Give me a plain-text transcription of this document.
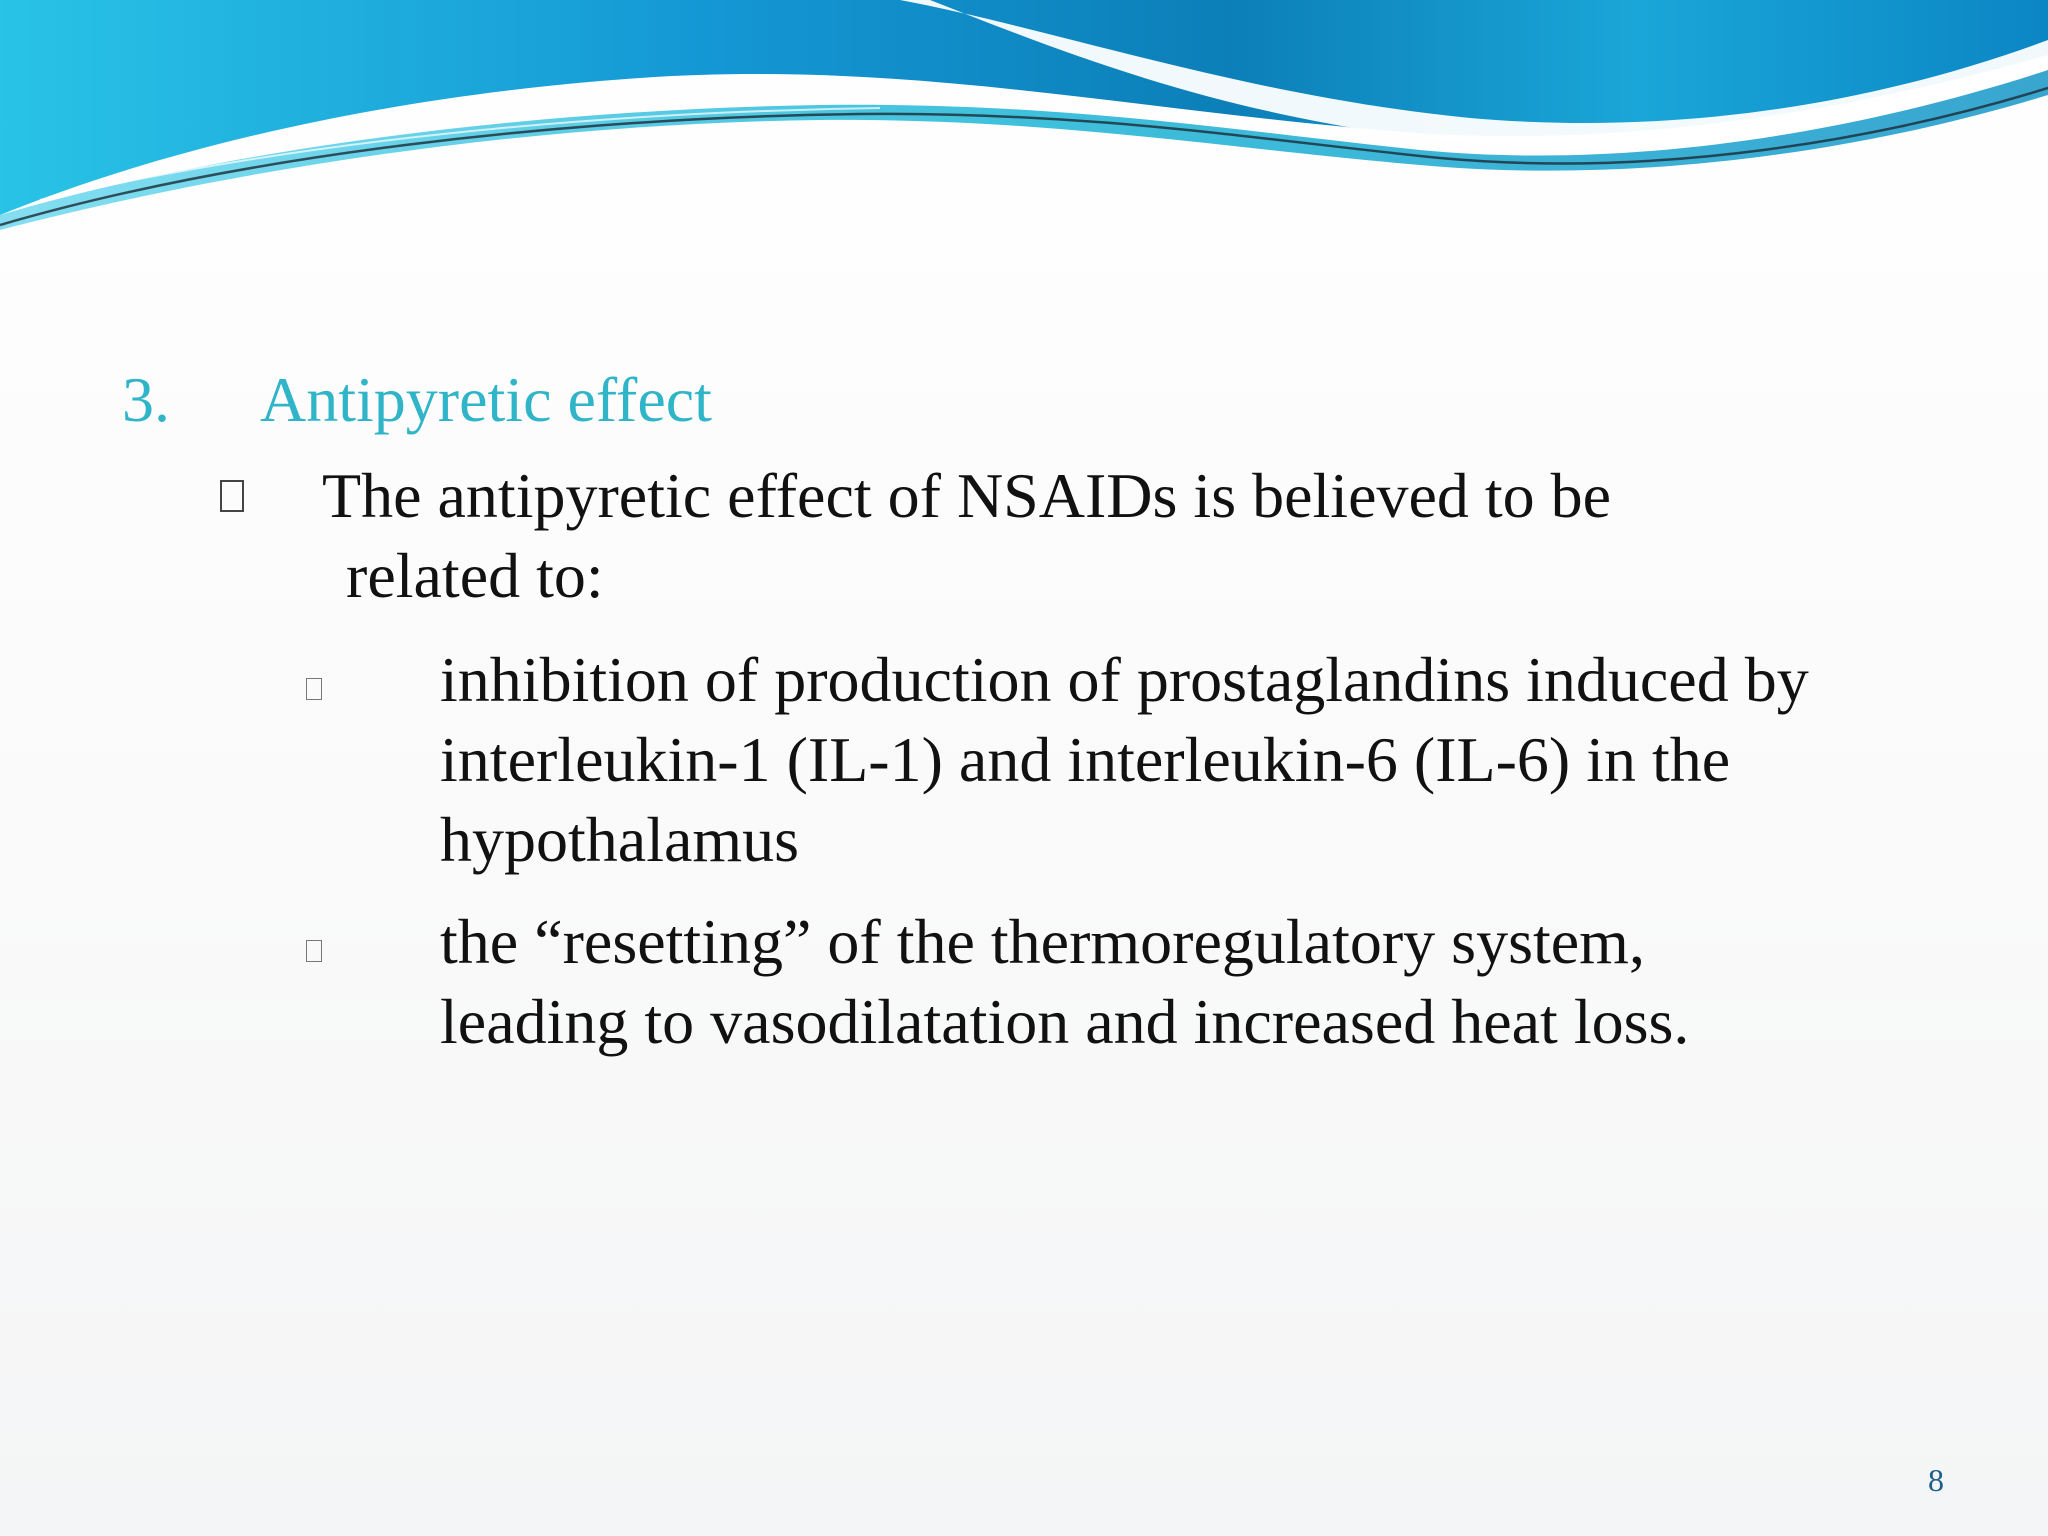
3. Antipyretic effect
The antipyretic effect of NSAIDs is believed to be
related to:
inhibition of production of prostaglandins induced by
interleukin-1 (IL-1) and interleukin-6 (IL-6) in the
hypothalamus
the “resetting” of the thermoregulatory system,
leading to vasodilatation and increased heat loss.
8
